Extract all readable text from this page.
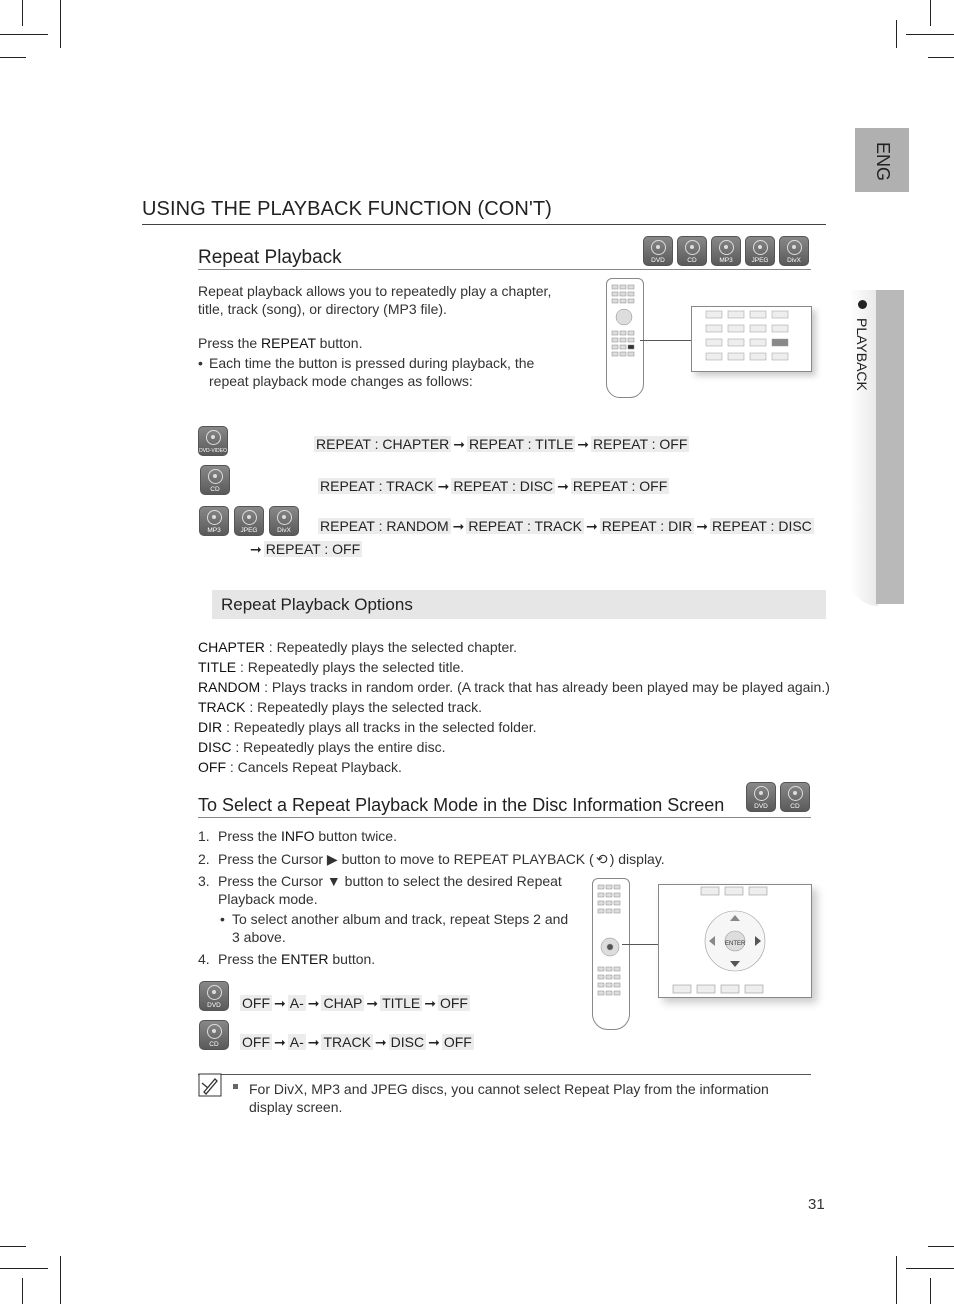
ENG
PLAYBACK
USING THE PLAYBACK FUNCTION (CON'T)
Repeat Playback	DVD	CD	MP3	JPEG	DivX
Repeat playback allows you to repeatedly play a chapter, title, track (song), or directory (MP3 file).
Press the REPEAT button.
• Each time the button is pressed during playback, the repeat playback mode changes as follows:
DVD-VIDEO	REPEAT : CHAPTER ➞ REPEAT : TITLE ➞ REPEAT : OFF
CD	REPEAT : TRACK ➞ REPEAT : DISC ➞ REPEAT : OFF
MP3	JPEG	DivX	REPEAT : RANDOM ➞ REPEAT : TRACK ➞ REPEAT : DIR ➞ REPEAT : DISC
➞ REPEAT : OFF
Repeat Playback Options
CHAPTER : Repeatedly plays the selected chapter.
TITLE : Repeatedly plays the selected title.
RANDOM : Plays tracks in random order. (A track that has already been played may be played again.)
TRACK : Repeatedly plays the selected track.
DIR : Repeatedly plays all tracks in the selected folder.
DISC : Repeatedly plays the entire disc.
OFF : Cancels Repeat Playback.
To Select a Repeat Playback Mode in the Disc Information Screen	DVD	CD
1. Press the INFO button twice.
2. Press the Cursor ▶ button to move to REPEAT PLAYBACK ( ⟲ ) display.
3. Press the Cursor ▼ button to select the desired Repeat Playback mode.
• To select another album and track, repeat Steps 2 and 3 above.
4. Press the ENTER button.
ENTER
DVD	OFF ➞ A- ➞ CHAP ➞ TITLE ➞ OFF
CD	OFF ➞ A- ➞ TRACK ➞ DISC ➞ OFF
For DivX, MP3 and JPEG discs, you cannot select Repeat Play from the information display screen.
31
